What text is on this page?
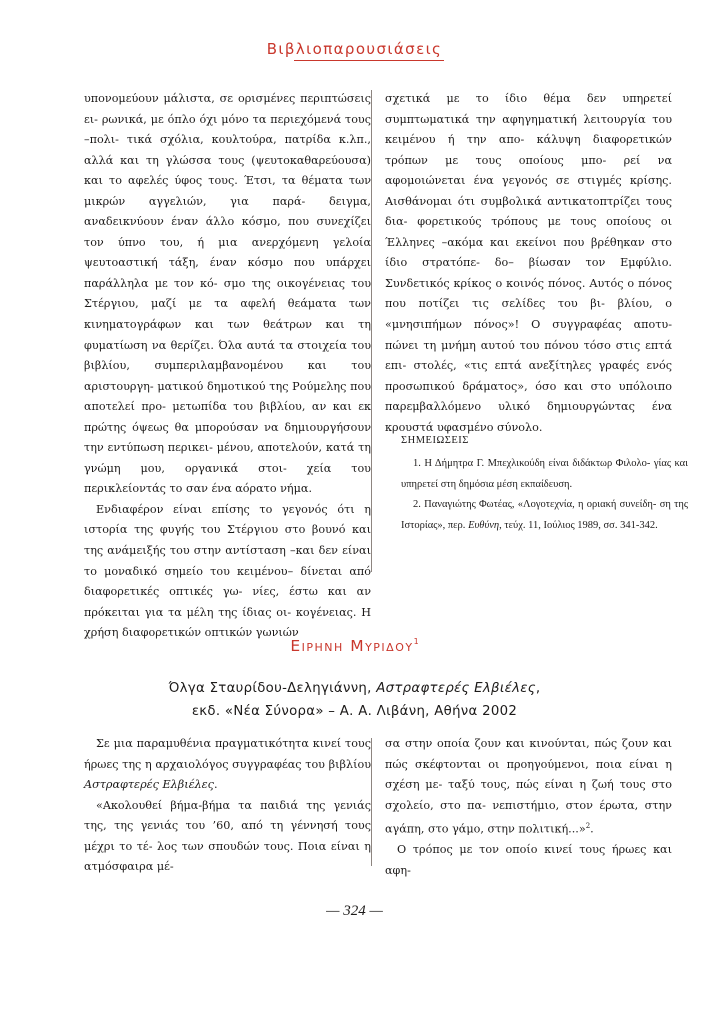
Βιβλιοπαρουσιάσεις

υπονομεύουν μάλιστα, σε ορισμένες περιπτώσεις ει- ρωνικά, με όπλο όχι μόνο τα περιεχόμενά τους –πολι- τικά σχόλια, κουλτούρα, πατρίδα κ.λπ., αλλά και τη γλώσσα τους (ψευτοκαθαρεύουσα) και το αφελές ύφος τους. Έτσι, τα θέματα των μικρών αγγελιών, για παρά- δειγμα, αναδεικνύουν έναν άλλο κόσμο, που συνεχίζει τον ύπνο του, ή μια ανερχόμενη γελοία ψευτοαστική τάξη, έναν κόσμο που υπάρχει παράλληλα με τον κό- σμο της οικογένειας του Στέργιου, μαζί με τα αφελή θεάματα των κινηματογράφων και των θεάτρων και τη φυματίωση να θερίζει. Όλα αυτά τα στοιχεία του βιβλίου, συμπεριλαμβανομένου και του αριστουργη- ματικού δημοτικού της Ρούμελης που αποτελεί προ- μετωπίδα του βιβλίου, αν και εκ πρώτης όψεως θα μπορούσαν να δημιουργήσουν την εντύπωση περικει- μένου, αποτελούν, κατά τη γνώμη μου, οργανικά στοι- χεία του περικλείοντάς το σαν ένα αόρατο νήμα.

Ενδιαφέρον είναι επίσης το γεγονός ότι η ιστορία της φυγής του Στέργιου στο βουνό και της ανάμειξής του στην αντίσταση –και δεν είναι το μοναδικό σημείο του κειμένου– δίνεται από διαφορετικές οπτικές γω- νίες, έστω και αν πρόκειται για τα μέλη της ίδιας οι- κογένειας. Η χρήση διαφορετικών οπτικών γωνιών

σχετικά με το ίδιο θέμα δεν υπηρετεί συμπτωματικά την αφηγηματική λειτουργία του κειμένου ή την απο- κάλυψη διαφορετικών τρόπων με τους οποίους μπο- ρεί να αφομοιώνεται ένα γεγονός σε στιγμές κρίσης. Αισθάνομαι ότι συμβολικά αντικατοπτρίζει τους δια- φορετικούς τρόπους με τους οποίους οι Έλληνες –ακόμα και εκείνοι που βρέθηκαν στο ίδιο στρατόπε- δο– βίωσαν τον Εμφύλιο. Συνδετικός κρίκος ο κοινός πόνος. Αυτός ο πόνος που ποτίζει τις σελίδες του βι- βλίου, ο «μνησιπήμων πόνος»! Ο συγγραφέας αποτυ- πώνει τη μνήμη αυτού του πόνου τόσο στις επτά επι- στολές, «τις επτά ανεξίτηλες γραφές ενός προσωπικού δράματος», όσο και στο υπόλοιπο παρεμβαλλόμενο υλικό δημιουργώντας ένα κρουστά υφασμένο σύνολο.

ΣΗΜΕΙΩΣΕΙΣ

1. Η Δήμητρα Γ. Μπεχλικούδη είναι διδάκτωρ Φιλολο- γίας και υπηρετεί στη δημόσια μέση εκπαίδευση.

2. Παναγιώτης Φωτέας, «Λογοτεχνία, η οριακή συνείδη- ση της Ιστορίας», περ. Ευθύνη, τεύχ. 11, Ιούλιος 1989, σσ. 341-342.

Ειρηνη Μυριδου$^1$
Όλγα Σταυρίδου-Δεληγιάννη, Αστραφτερές Ελβιέλες,
εκδ. «Νέα Σύνορα» – Α. Α. Λιβάνη, Αθήνα 2002

Σε μια παραμυθένια πραγματικότητα κινεί τους ήρωες της η αρχαιολόγος συγγραφέας του βιβλίου Αστραφτερές Ελβιέλες.

«Ακολουθεί βήμα-βήμα τα παιδιά της γενιάς της, της γενιάς του ’60, από τη γέννησή τους μέχρι το τέ- λος των σπουδών τους. Ποια είναι η ατμόσφαιρα μέ-

σα στην οποία ζουν και κινούνται, πώς ζουν και πώς σκέφτονται οι προηγούμενοι, ποια είναι η σχέση με- ταξύ τους, πώς είναι η ζωή τους στο σχολείο, στο πα- νεπιστήμιο, στον έρωτα, στην αγάπη, στο γάμο, στην πολιτική...»$^2$.

Ο τρόπος με τον οποίο κινεί τους ήρωες και αφη-

— 324 —
